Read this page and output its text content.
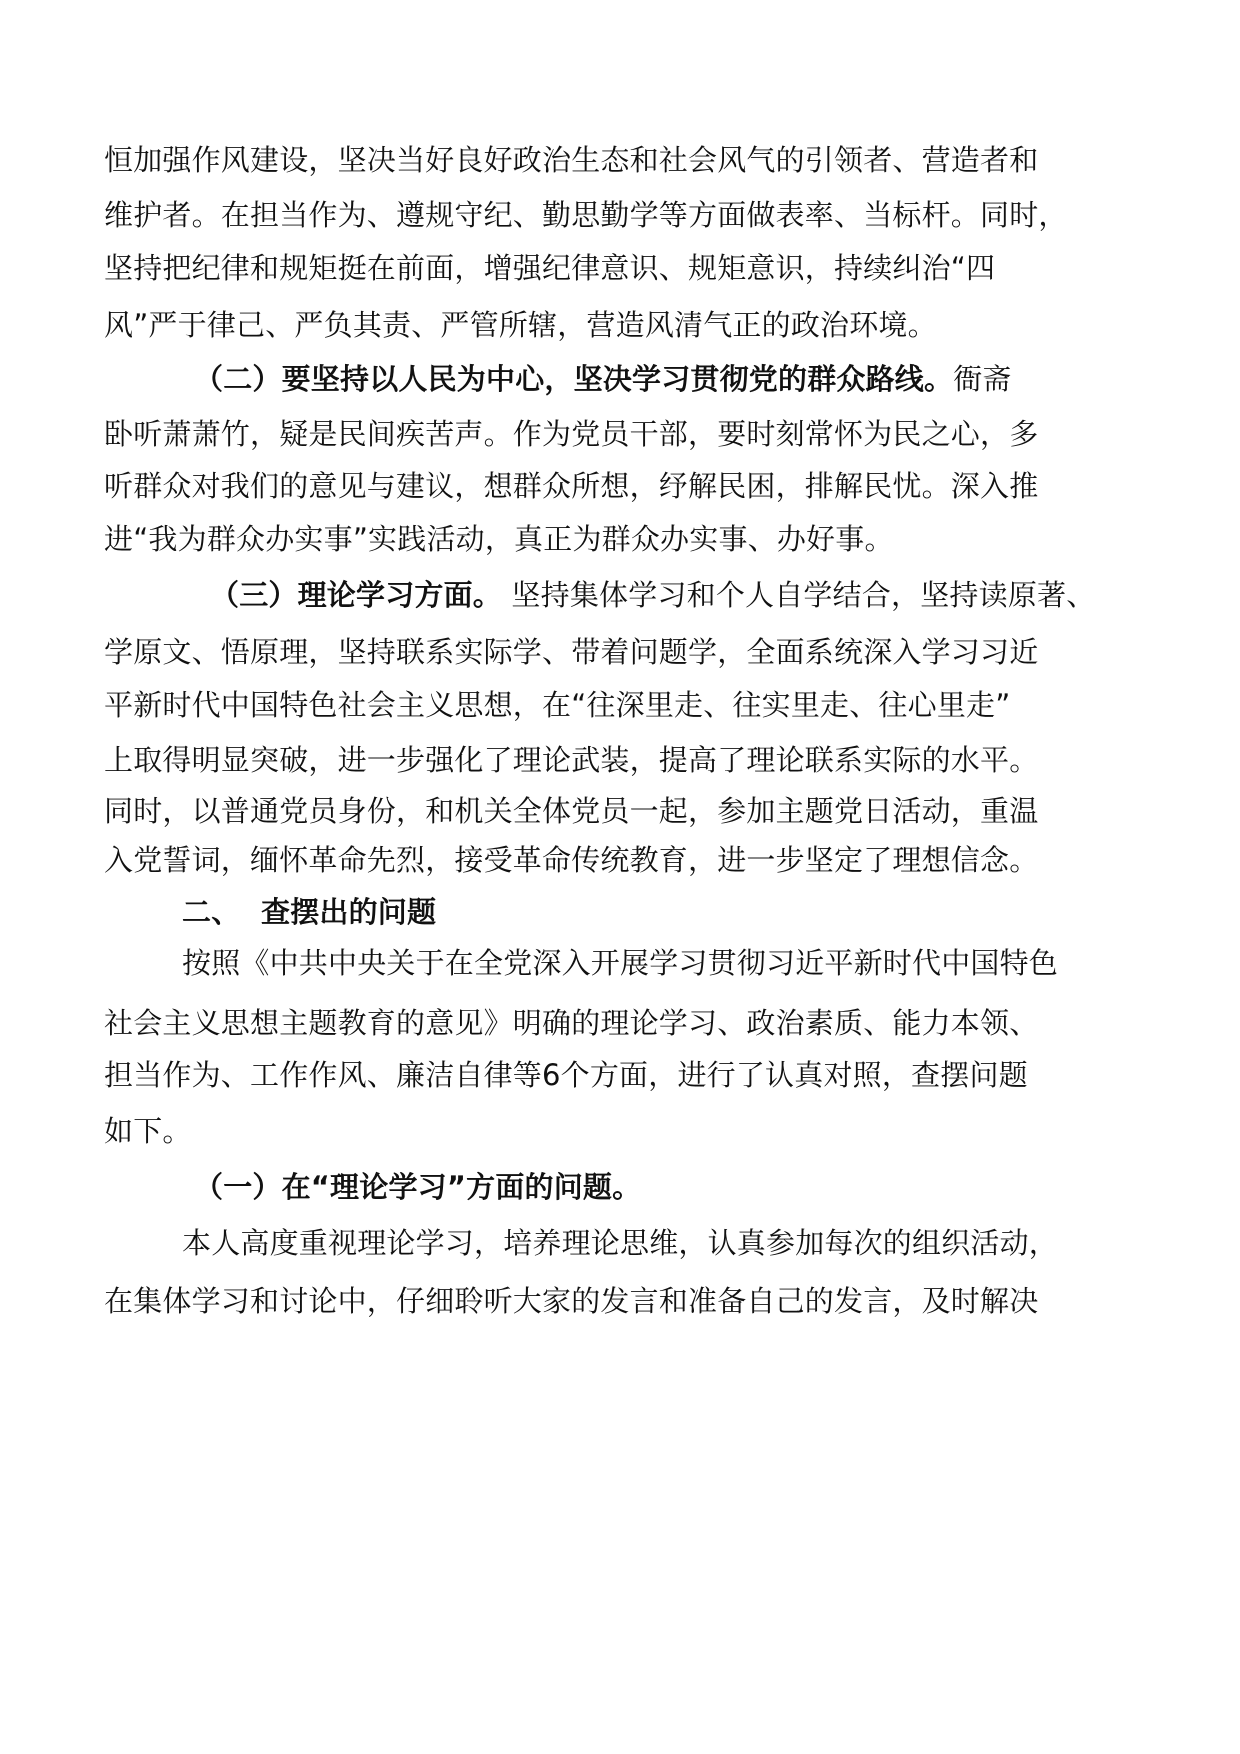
恒加强作风建设，坚决当好良好政治生态和社会风气的引领者、营造者和
维护者。在担当作为、遵规守纪、勤思勤学等方面做表率、当标杆。同时，
坚持把纪律和规矩挺在前面，增强纪律意识、规矩意识，持续纠治“四
风”严于律己、严负其责、严管所辖，营造风清气正的政治环境。
（二）要坚持以人民为中心，坚决学习贯彻党的群众路线。衙斋
卧听萧萧竹，疑是民间疾苦声。作为党员干部，要时刻常怀为民之心，多
听群众对我们的意见与建议，想群众所想，纾解民困，排解民忧。深入推
进“我为群众办实事”实践活动，真正为群众办实事、办好事。
（三）理论学习方面。 坚持集体学习和个人自学结合，坚持读原著、
学原文、悟原理，坚持联系实际学、带着问题学，全面系统深入学习习近
平新时代中国特色社会主义思想，在“往深里走、往实里走、往心里走”
上取得明显突破，进一步强化了理论武装，提高了理论联系实际的水平。
同时，以普通党员身份，和机关全体党员一起，参加主题党日活动，重温
入党誓词，缅怀革命先烈，接受革命传统教育，进一步坚定了理想信念。
二、  查摆出的问题
按照《中共中央关于在全党深入开展学习贯彻习近平新时代中国特色
社会主义思想主题教育的意见》明确的理论学习、政治素质、能力本领、
担当作为、工作作风、廉洁自律等6个方面，进行了认真对照，查摆问题
如下。
（一）在“理论学习”方面的问题。
本人高度重视理论学习，培养理论思维，认真参加每次的组织活动，
在集体学习和讨论中，仔细聆听大家的发言和准备自己的发言，及时解决
